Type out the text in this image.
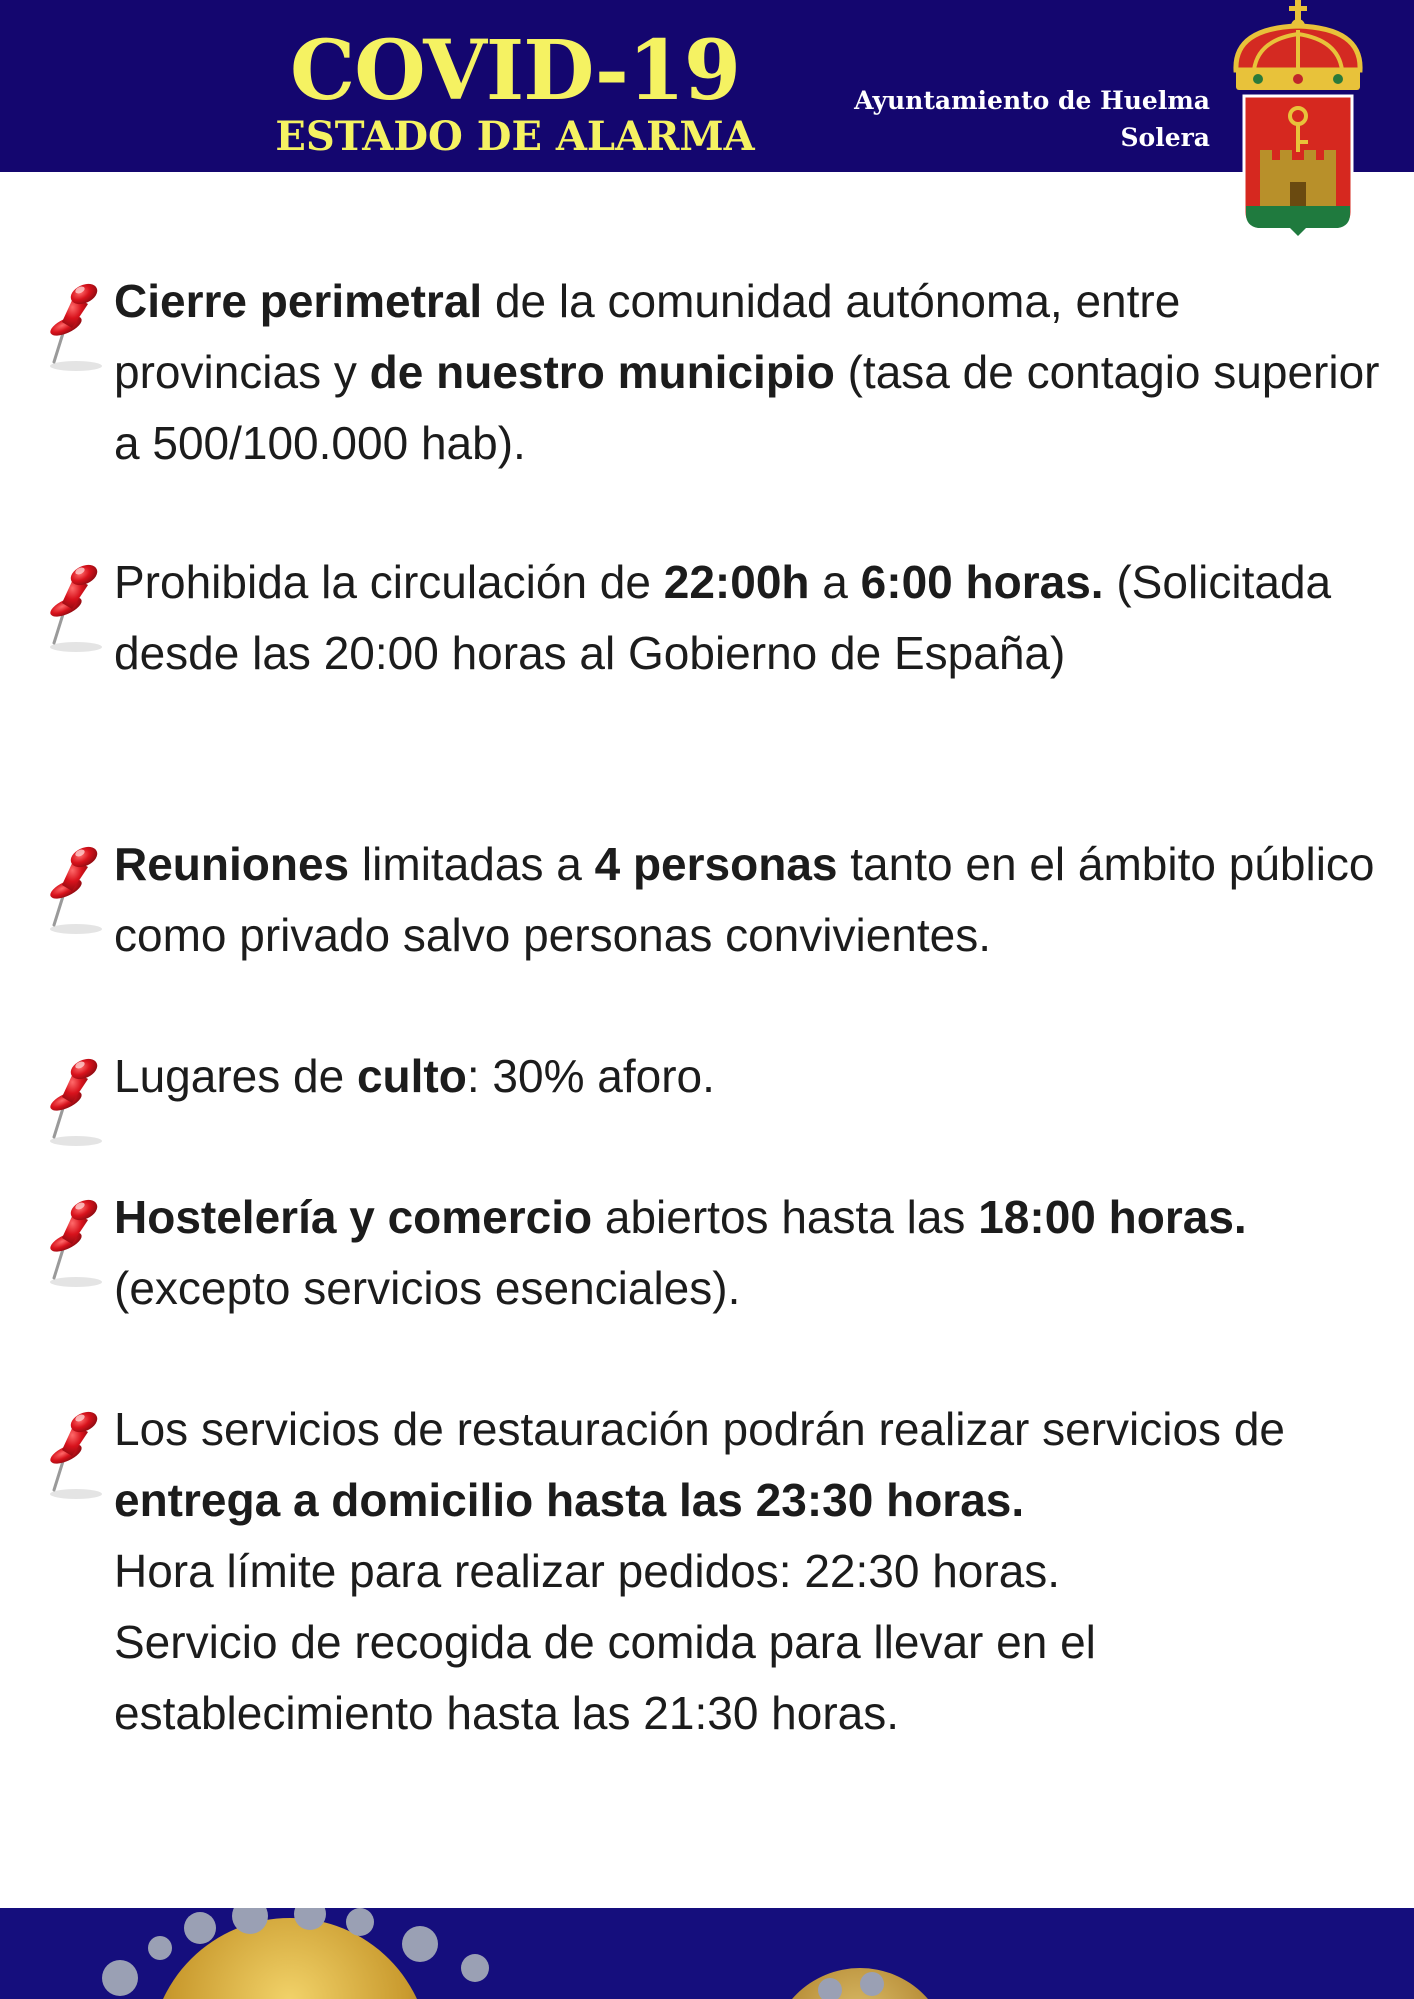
COVID-19
ESTADO DE ALARMA
Ayuntamiento de Huelma
Solera
Cierre perimetral de la comunidad autónoma, entre provincias y de nuestro municipio (tasa de contagio superior a 500/100.000 hab).
Prohibida la circulación de 22:00h a 6:00 horas. (Solicitada desde las 20:00 horas al Gobierno de España)
Reuniones limitadas a 4 personas tanto en el ámbito público como privado salvo personas convivientes.
Lugares de culto: 30% aforo.
Hostelería y comercio abiertos hasta las 18:00 horas. (excepto servicios esenciales).
Los servicios de restauración podrán realizar servicios de entrega a domicilio hasta las 23:30 horas.
Hora límite para realizar pedidos: 22:30 horas.
Servicio de recogida de comida para llevar en el establecimiento hasta las 21:30 horas.
